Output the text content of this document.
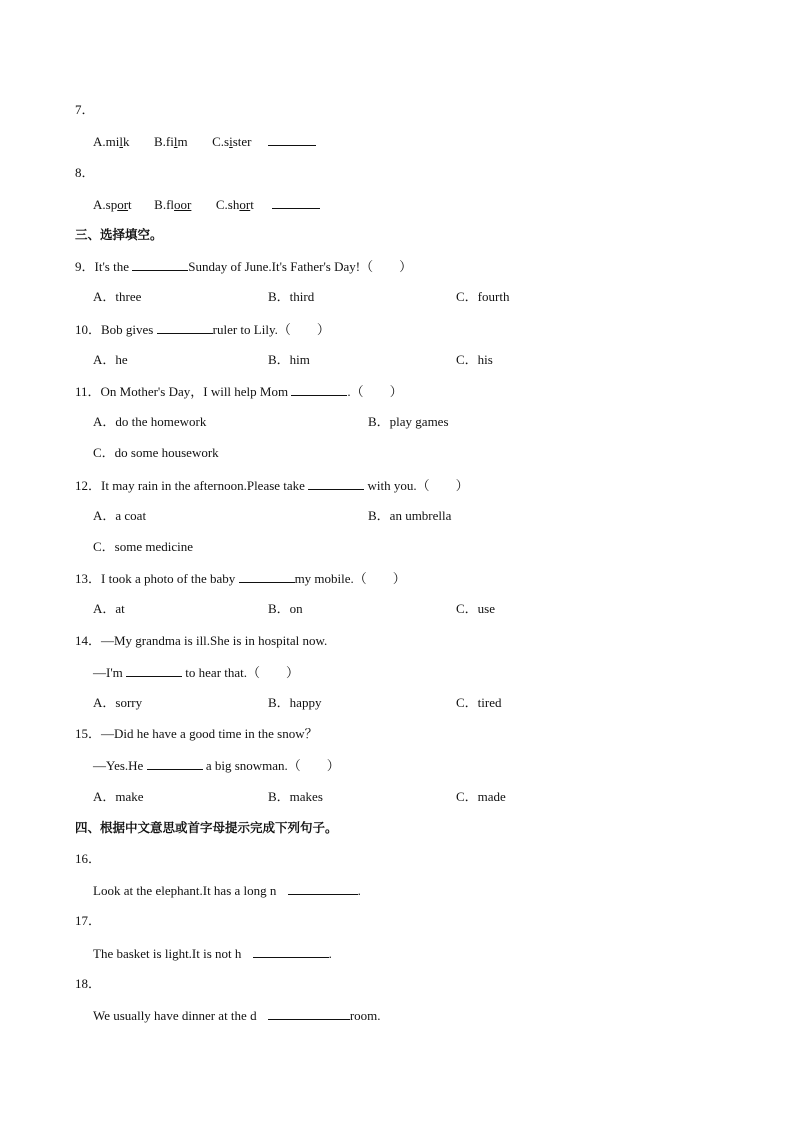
7．
A.milk B.film C.sister
8．
A.sport B.floor C.short
三、选择填空。
9．It's the	Sunday of June.It's Father's Day!（　　）
A．three	B．third	C．fourth
10．Bob gives	ruler to Lily.（　　）
A．he	B．him	C．his
11．On Mother's Day，I will help Mom	.（　　）
A．do the homework	B．play games
C．do some housework
12．It may rain in the afternoon.Please take	with you.（　　）
A．a coat	B．an umbrella
C．some medicine
13．I took a photo of the baby	my mobile.（　　）
A．at	B．on	C．use
14．—My grandma is ill.She is in hospital now.
—I'm	to hear that.（　　）
A．sorry	B．happy	C．tired
15．—Did he have a good time in the snow？
—Yes.He	a big snowman.（　　）
A．make	B．makes	C．made
四、根据中文意思或首字母提示完成下列句子。
16．
Look at the elephant.It has a long n	.
17．
The basket is light.It is not h	.
18．
We usually have dinner at the d	room.
